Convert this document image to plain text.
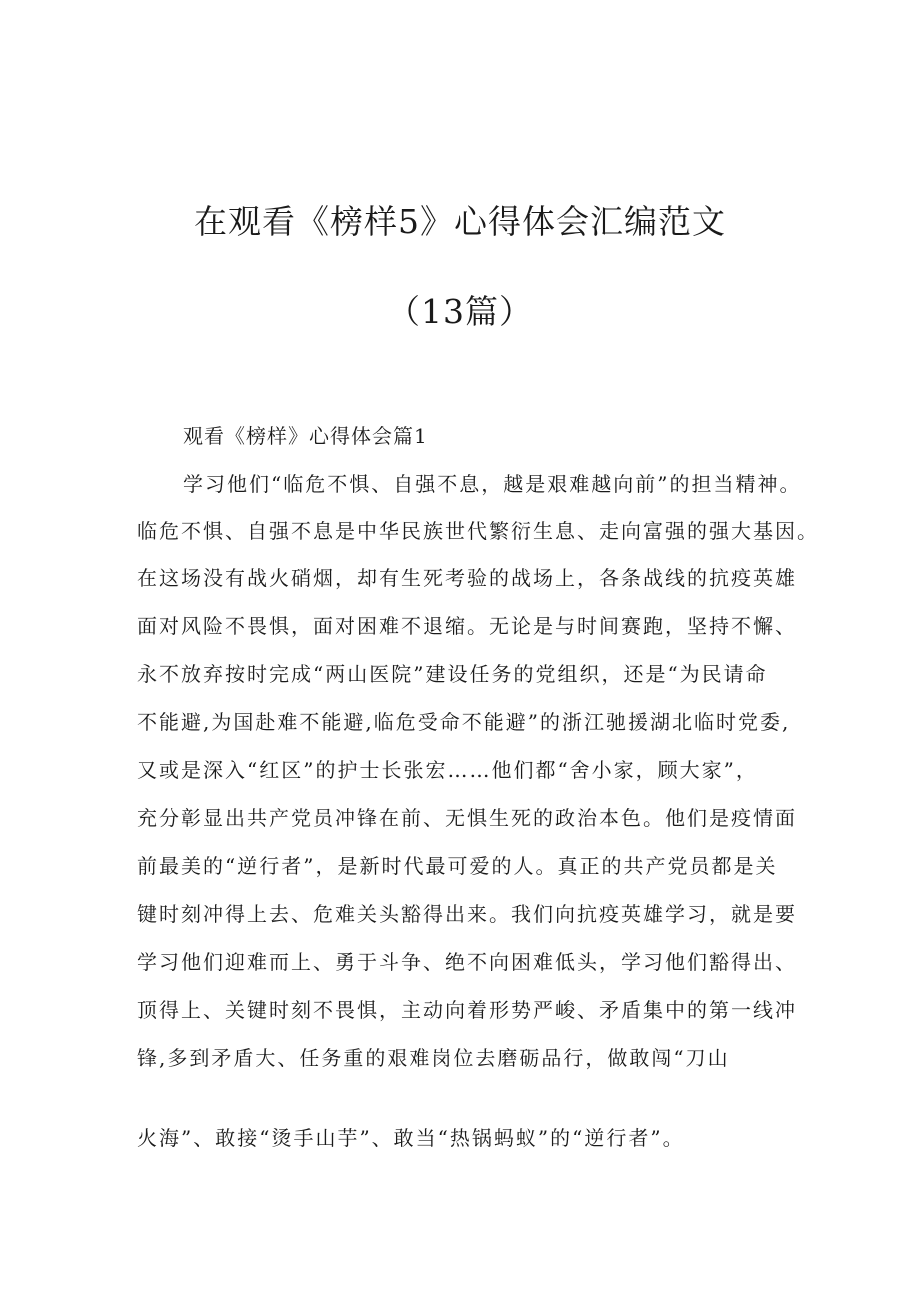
在观看《榜样5》心得体会汇编范文
（13篇）
观看《榜样》心得体会篇1

学习他们“临危不惧、自强不息，越是艰难越向前”的担当精神。

临危不惧、自强不息是中华民族世代繁衍生息、走向富强的强大基因。

在这场没有战火硝烟，却有生死考验的战场上，各条战线的抗疫英雄

面对风险不畏惧，面对困难不退缩。无论是与时间赛跑，坚持不懈、

永不放弃按时完成“两山医院”建设任务的党组织，还是“为民请命

不能避,为国赴难不能避,临危受命不能避”的浙江驰援湖北临时党委,

又或是深入“红区”的护士长张宏……他们都“舍小家，顾大家”，

充分彰显出共产党员冲锋在前、无惧生死的政治本色。他们是疫情面

前最美的“逆行者”，是新时代最可爱的人。真正的共产党员都是关

键时刻冲得上去、危难关头豁得出来。我们向抗疫英雄学习，就是要

学习他们迎难而上、勇于斗争、绝不向困难低头，学习他们豁得出、

顶得上、关键时刻不畏惧，主动向着形势严峻、矛盾集中的第一线冲

锋,多到矛盾大、任务重的艰难岗位去磨砺品行，做敢闯“刀山

火海”、敢接“烫手山芋”、敢当“热锅蚂蚁”的“逆行者”。
